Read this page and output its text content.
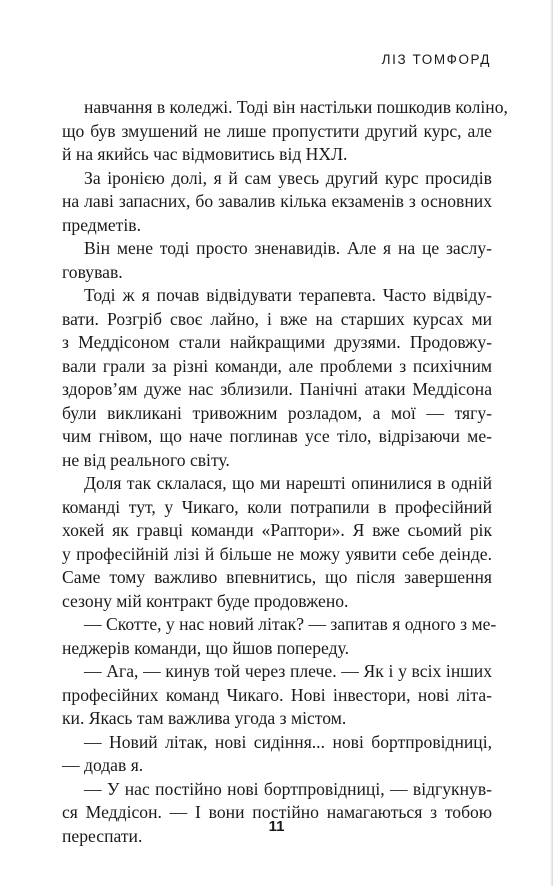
ЛІЗ ТОМФОРД

навчання в коледжі. Тоді він настільки пошкодив коліно,
що був змушений не лише пропустити другий курс, але
й на якийсь час відмовитись від НХЛ.

За іронією долі, я й сам увесь другий курс просидів
на лаві запасних, бо завалив кілька екзаменів з основних
предметів.

Він мене тоді просто зненавидів. Але я на це заслу-
говував.

Тоді ж я почав відвідувати терапевта. Часто відвіду-
вати. Розгріб своє лайно, і вже на старших курсах ми
з Меддісоном стали найкращими друзями. Продовжу-
вали грали за різні команди, але проблеми з психічним
здоров’ям дуже нас зблизили. Панічні атаки Меддісона
були викликані тривожним розладом, а мої — тягу-
чим гнівом, що наче поглинав усе тіло, відрізаючи ме-
не від реального світу.

Доля так склалася, що ми нарешті опинилися в одній
команді тут, у Чикаго, коли потрапили в професійний
хокей як гравці команди «Раптори». Я вже сьомий рік
у професійній лізі й більше не можу уявити себе деінде.
Саме тому важливо впевнитись, що після завершення
сезону мій контракт буде продовжено.

— Скотте, у нас новий літак? — запитав я одного з ме-
неджерів команди, що йшов попереду.

— Ага, — кинув той через плече. — Як і у всіх інших
професійних команд Чикаго. Нові інвестори, нові літа-
ки. Якась там важлива угода з містом.

— Новий літак, нові сидіння... нові бортпровідниці,
— додав я.

— У нас постійно нові бортпровідниці, — відгукнув-
ся Меддісон. — І вони постійно намагаються з тобою
переспати.	11
